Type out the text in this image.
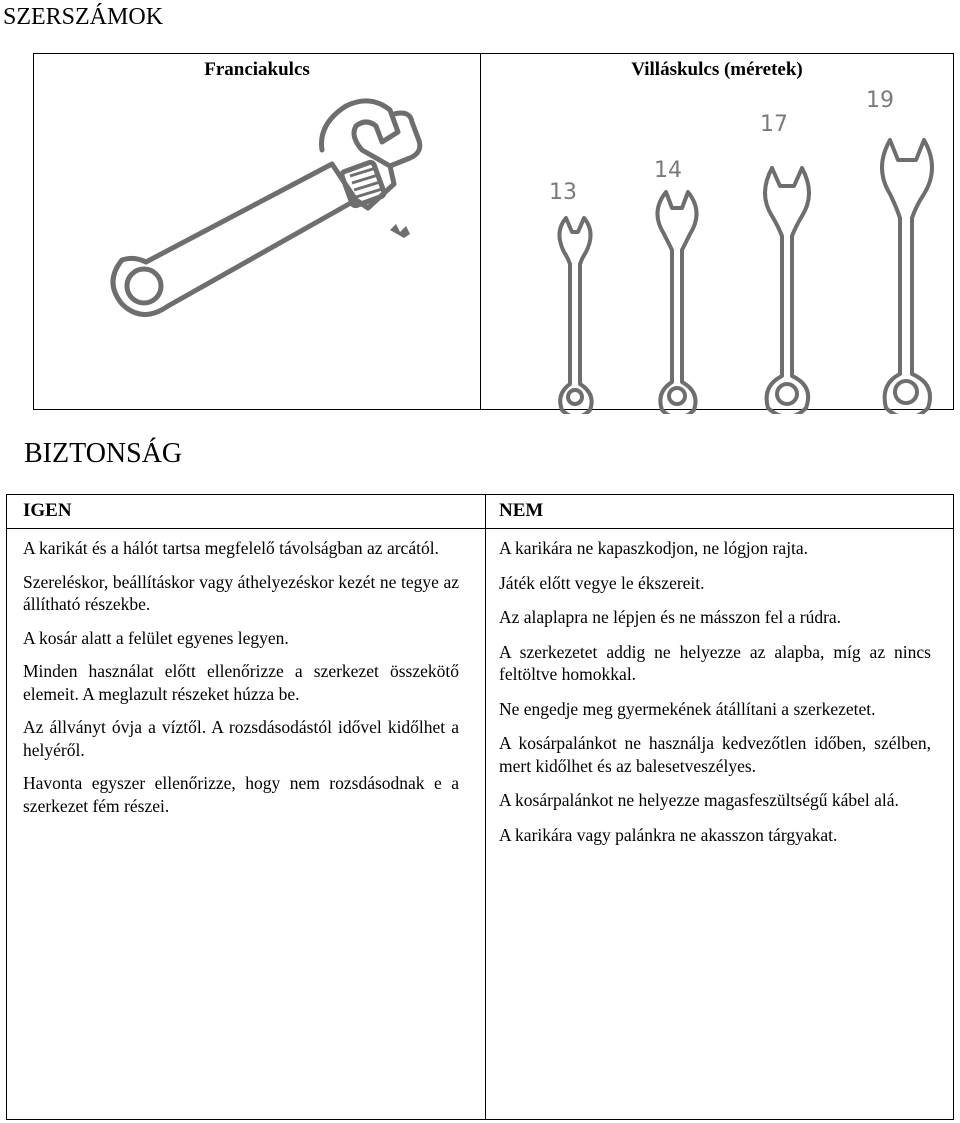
SZERSZÁMOK
Franciakulcs	Villáskulcs (méretek)
13
14
17
19
BIZTONSÁG
IGEN	NEM

A karikát és a hálót tartsa megfelelő távolságban az arcától.

Szereléskor, beállításkor vagy áthelyezéskor kezét ne tegye az állítható részekbe.

A kosár alatt a felület egyenes legyen.

Minden használat előtt ellenőrizze a szerkezet összekötő elemeit. A meglazult részeket húzza be.

Az állványt óvja a víztől. A rozsdásodástól idővel kidőlhet a helyéről.

Havonta egyszer ellenőrizze, hogy nem rozsdásodnak e a szerkezet fém részei.

A karikára ne kapaszkodjon, ne lógjon rajta.

Játék előtt vegye le ékszereit.

Az alaplapra ne lépjen és ne másszon fel a rúdra.

A szerkezetet addig ne helyezze az alapba, míg az nincs feltöltve homokkal.

Ne engedje meg gyermekének átállítani a szerkezetet.

A kosárpalánkot ne használja kedvezőtlen időben, szélben, mert kidőlhet és az balesetveszélyes.

A kosárpalánkot ne helyezze magasfeszültségű kábel alá.

A karikára vagy palánkra ne akasszon tárgyakat.
